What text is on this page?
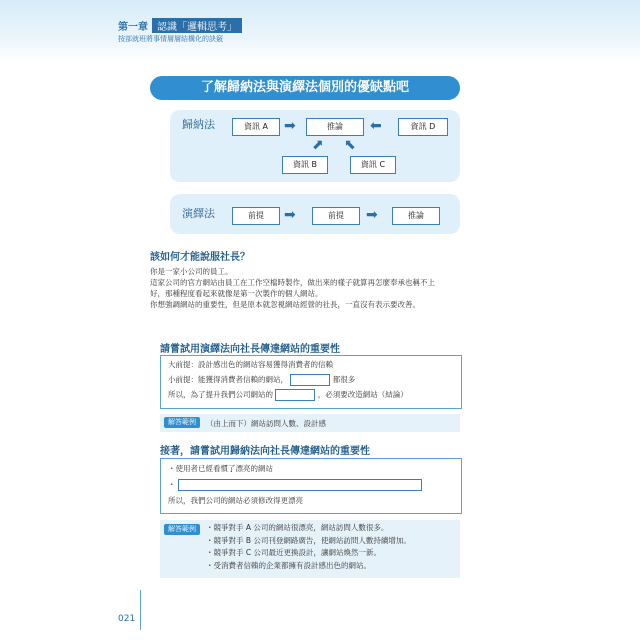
第一章 認識「邏輯思考」
按部就班將事情層層結構化的訣竅
了解歸納法與演繹法個別的優缺點吧
歸納法	資訊 A	➡	推論	⬅	資訊 D
⬈ ⬉
資訊 B	資訊 C
演繹法	前提	➡	前提	➡	推論
該如何才能說服社長？
你是一家小公司的員工。
這家公司的官方網站由員工在工作空檔時製作，做出來的樣子就算再怎麼奉承也稱不上
好，那種程度看起來就像是第一次製作的個人網站。
你想強調網站的重要性，但是原本就忽視網站經營的社長，一直沒有表示要改善。
請嘗試用演繹法向社長傳達網站的重要性
大前提：設計感出色的網站容易獲得消費者的信賴
小前提：能獲得消費者信賴的網站，	都很多
所以，為了提升我們公司網站的	，必須要改造網站（結論）
解答範例	（由上而下）網站訪問人數、設計感
接著，請嘗試用歸納法向社長傳達網站的重要性
・使用者已經看慣了漂亮的網站
・
所以，我們公司的網站必須修改得更漂亮
解答範例	・競爭對手 A 公司的網站很漂亮，網站訪問人數很多。
・競爭對手 B 公司刊登網路廣告，使網站訪問人數持續增加。
・競爭對手 C 公司最近更換設計，讓網站煥然一新。
・受消費者信賴的企業都擁有設計感出色的網站。
021
